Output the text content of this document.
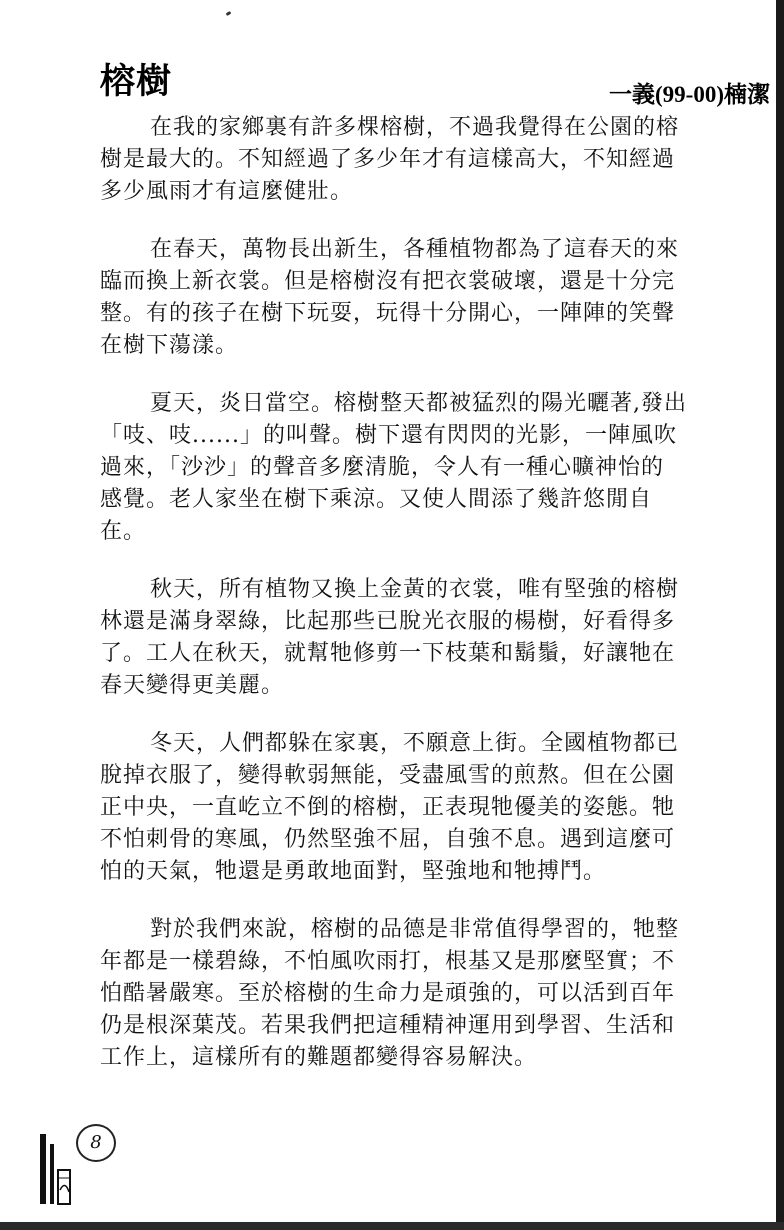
榕樹	一義(99-00)楠潔
在我的家鄉裏有許多棵榕樹，不過我覺得在公園的榕
樹是最大的。不知經過了多少年才有這樣高大，不知經過
多少風雨才有這麼健壯。
在春天，萬物長出新生，各種植物都為了這春天的來
臨而換上新衣裳。但是榕樹沒有把衣裳破壞，還是十分完
整。有的孩子在樹下玩耍，玩得十分開心，一陣陣的笑聲
在樹下蕩漾。
夏天，炎日當空。榕樹整天都被猛烈的陽光曬著,發出
「吱、吱......」的叫聲。樹下還有閃閃的光影，一陣風吹
過來，「沙沙」的聲音多麼清脆，令人有一種心曠神怡的
感覺。老人家坐在樹下乘涼。又使人間添了幾許悠閒自
在。
秋天，所有植物又換上金黃的衣裳，唯有堅強的榕樹
林還是滿身翠綠，比起那些已脫光衣服的楊樹，好看得多
了。工人在秋天，就幫牠修剪一下枝葉和鬍鬚，好讓牠在
春天變得更美麗。
冬天，人們都躲在家裏，不願意上街。全國植物都已
脫掉衣服了，變得軟弱無能，受盡風雪的煎熬。但在公園
正中央，一直屹立不倒的榕樹，正表現牠優美的姿態。牠
不怕刺骨的寒風，仍然堅強不屈，自強不息。遇到這麼可
怕的天氣，牠還是勇敢地面對，堅強地和牠搏鬥。
對於我們來說，榕樹的品德是非常值得學習的，牠整
年都是一樣碧綠，不怕風吹雨打，根基又是那麼堅實；不
怕酷暑嚴寒。至於榕樹的生命力是頑強的，可以活到百年
仍是根深葉茂。若果我們把這種精神運用到學習、生活和
工作上，這樣所有的難題都變得容易解決。
8
